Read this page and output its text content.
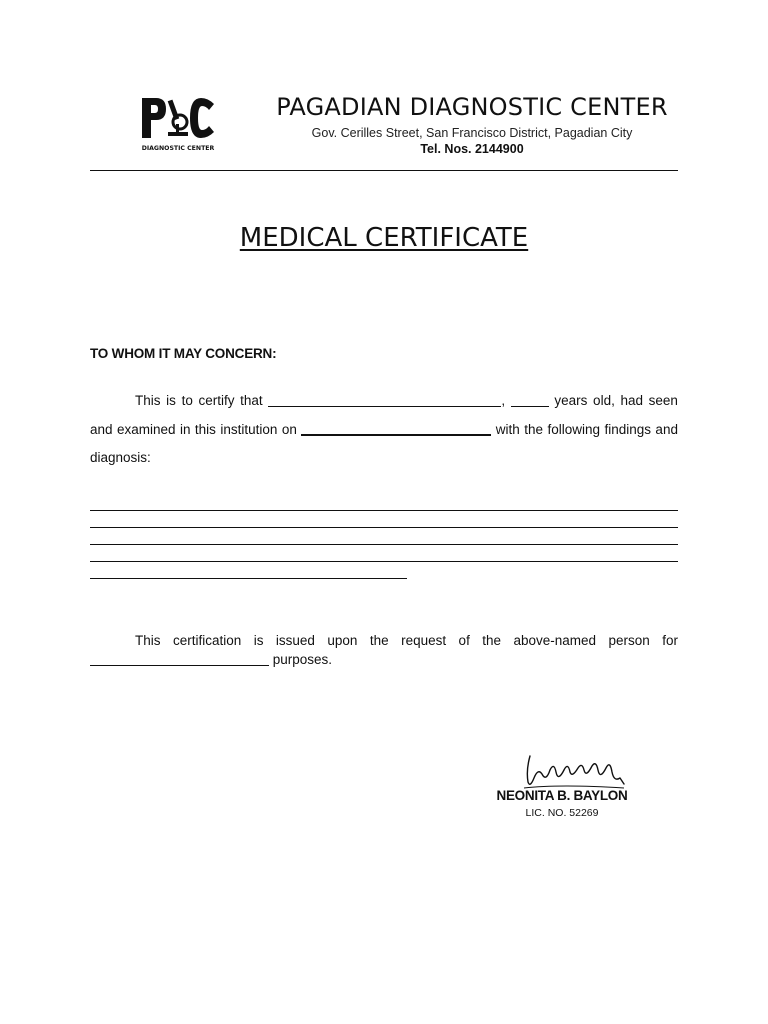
DIAGNOSTIC CENTER
PAGADIAN DIAGNOSTIC CENTER
Gov. Cerilles Street, San Francisco District, Pagadian City
Tel. Nos. 2144900
MEDICAL CERTIFICATE
TO WHOM IT MAY CONCERN:
This is to certify that	,	years old, had seen and examined in this institution on	with the following findings and diagnosis:
This certification is issued upon the request of the above-named person for  purposes.
NEONITA B. BAYLON
LIC. NO. 52269
